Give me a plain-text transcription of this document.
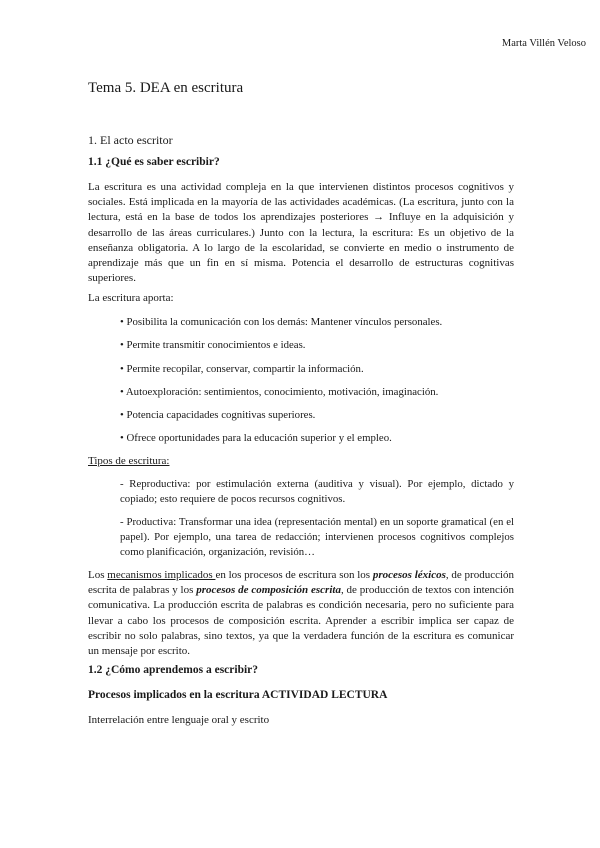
Marta Villén Veloso
Tema 5. DEA en escritura
1. El acto escritor
1.1 ¿Qué es saber escribir?

La escritura es una actividad compleja en la que intervienen distintos procesos cognitivos y sociales. Está implicada en la mayoría de las actividades académicas. (La escritura, junto con la lectura, está en la base de todos los aprendizajes posteriores → Influye en la adquisición y desarrollo de las áreas curriculares.) Junto con la lectura, la escritura: Es un objetivo de la enseñanza obligatoria. A lo largo de la escolaridad, se convierte en medio o instrumento de aprendizaje más que un fin en sí misma. Potencia el desarrollo de estructuras cognitivas superiores.

La escritura aporta:
• Posibilita la comunicación con los demás: Mantener vínculos personales.
• Permite transmitir conocimientos e ideas.
• Permite recopilar, conservar, compartir la información.
• Autoexploración: sentimientos, conocimiento, motivación, imaginación.
• Potencia capacidades cognitivas superiores.
• Ofrece oportunidades para la educación superior y el empleo.
Tipos de escritura:

- Reproductiva: por estimulación externa (auditiva y visual). Por ejemplo, dictado y copiado; esto requiere de pocos recursos cognitivos.

- Productiva: Transformar una idea (representación mental) en un soporte gramatical (en el papel). Por ejemplo, una tarea de redacción; intervienen procesos cognitivos complejos como planificación, organización, revisión…

Los mecanismos implicados en los procesos de escritura son los procesos léxicos, de producción escrita de palabras y los procesos de composición escrita, de producción de textos con intención comunicativa. La producción escrita de palabras es condición necesaria, pero no suficiente para llevar a cabo los procesos de composición escrita. Aprender a escribir implica ser capaz de escribir no solo palabras, sino textos, ya que la verdadera función de la escritura es comunicar un mensaje por escrito.

1.2 ¿Cómo aprendemos a escribir?
Procesos implicados en la escritura ACTIVIDAD LECTURA
Interrelación entre lenguaje oral y escrito
